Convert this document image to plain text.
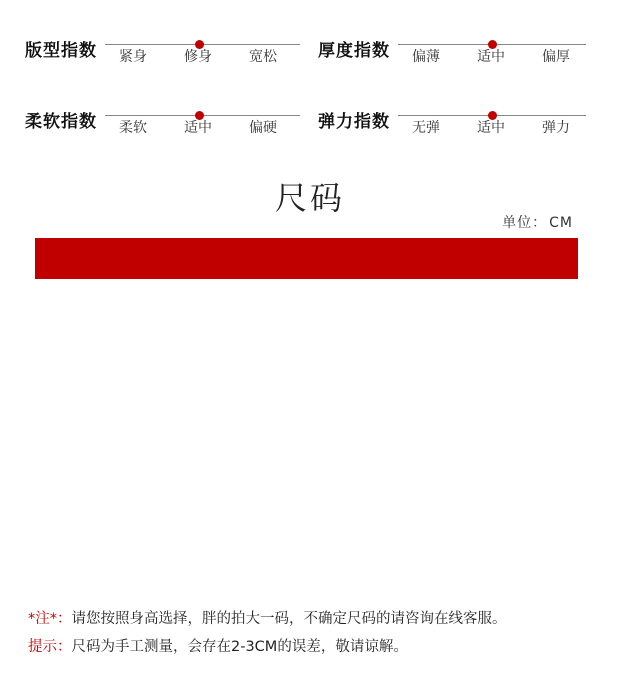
版型指数 紧身	修身	宽松 厚度指数 偏薄	适中	偏厚
柔软指数 柔软	适中	偏硬 弹力指数 无弹	适中	弹力
尺码
单位： CM
*注*：请您按照身高选择，胖的拍大一码，不确定尺码的请咨询在线客服。
提示：尺码为手工测量，会存在2-3CM的误差，敬请谅解。
